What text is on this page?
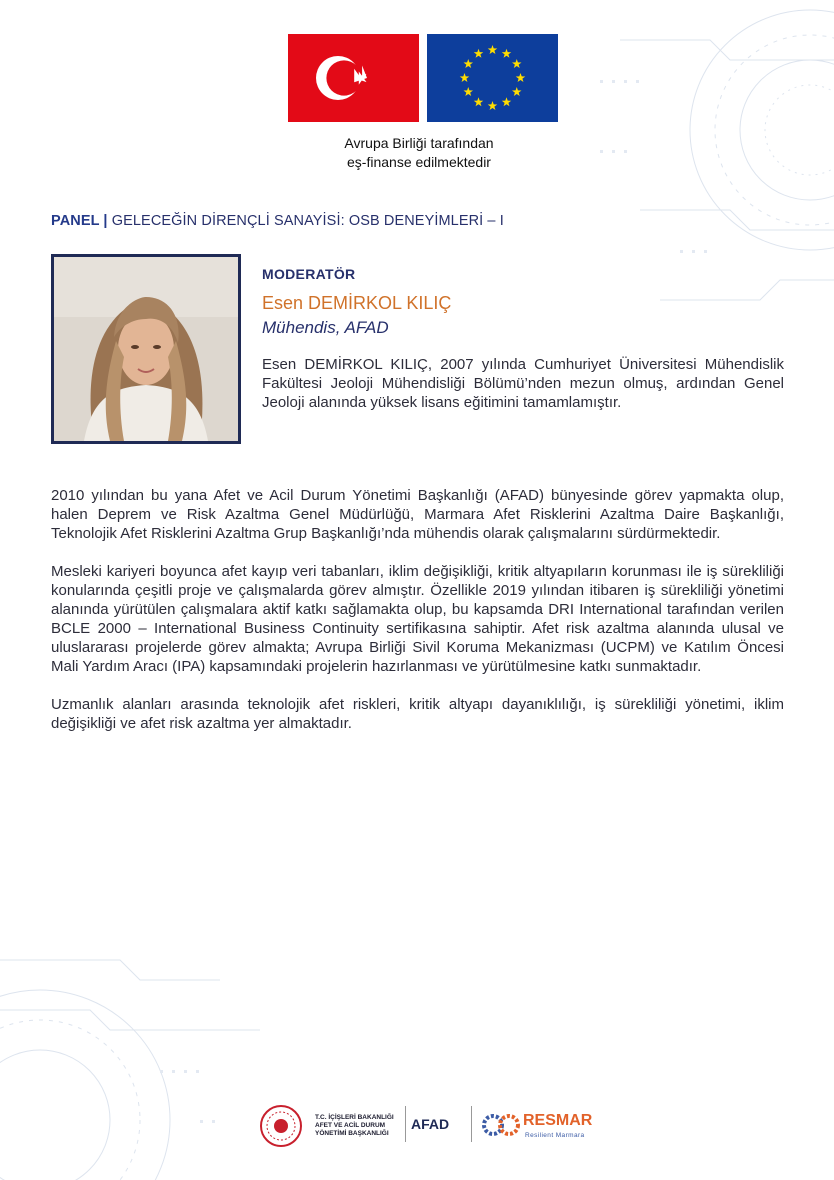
Avrupa Birliği tarafından
eş-finanse edilmektedir
PANEL | GELECEĞİN DİRENÇLİ SANAYİSİ: OSB DENEYİMLERİ – I
MODERATÖR
Esen DEMİRKOL KILIÇ
Mühendis, AFAD

Esen DEMİRKOL KILIÇ, 2007 yılında Cumhuriyet Üniversitesi Mühendislik Fakültesi Jeoloji Mühendisliği Bölümü’nden mezun olmuş, ardından Genel Jeoloji alanında yüksek lisans eğitimini tamamlamıştır.

2010 yılından bu yana Afet ve Acil Durum Yönetimi Başkanlığı (AFAD) bünyesinde görev yapmakta olup, halen Deprem ve Risk Azaltma Genel Müdürlüğü, Marmara Afet Risklerini Azaltma Daire Başkanlığı, Teknolojik Afet Risklerini Azaltma Grup Başkanlığı’nda mühendis olarak çalışmalarını sürdürmektedir.

Mesleki kariyeri boyunca afet kayıp veri tabanları, iklim değişikliği, kritik altyapıların korunması ile iş sürekliliği konularında çeşitli proje ve çalışmalarda görev almıştır. Özellikle 2019 yılından itibaren iş sürekliliği yönetimi alanında yürütülen çalışmalara aktif katkı sağlamakta olup, bu kapsamda DRI International tarafından verilen BCLE 2000 – International Business Continuity sertifikasına sahiptir. Afet risk azaltma alanında ulusal ve uluslararası projelerde görev almakta; Avrupa Birliği Sivil Koruma Mekanizması (UCPM) ve Katılım Öncesi Mali Yardım Aracı (IPA) kapsamındaki projelerin hazırlanması ve yürütülmesine katkı sunmaktadır.

Uzmanlık alanları arasında teknolojik afet riskleri, kritik altyapı dayanıklılığı, iş sürekliliği yönetimi, iklim değişikliği ve afet risk azaltma yer almaktadır.

T.C. İÇİŞLERİ BAKANLIĞI
AFET VE ACİL DURUM
YÖNETİMİ BAŞKANLIĞI
AFAD	RESMAR
Resilient Marmara
